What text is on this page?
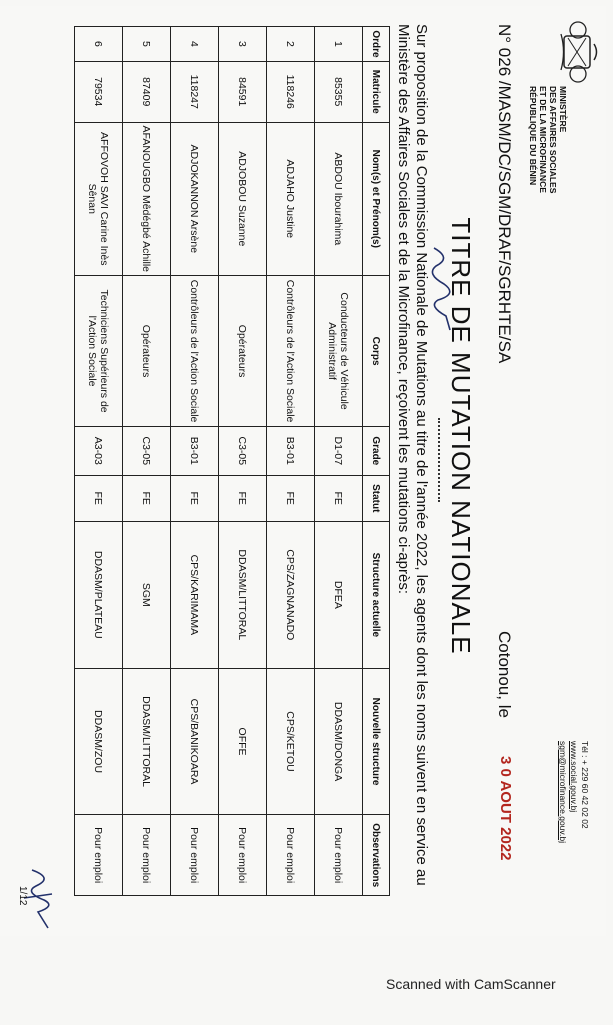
MINISTÈRE
DES AFFAIRES SOCIALES
ET DE LA MICROFINANCE
RÉPUBLIQUE DU BÉNIN
Tél : + 229 60 42 02 02
www.social.gouv.bj
sgm@microfinance.gouv.bj
N° 026 /MASM/DC/SGM/DRAF/SGRHTE/SA
Cotonou, le
3 0 AOUT 2022
TITRE DE MUTATION NATIONALE
Sur proposition de la Commission Nationale de Mutations au titre de l'année 2022, les agents dont les noms suivent en service au Ministère des Affaires Sociales et de la Microfinance, reçoivent les mutations ci-après:
Ordre	Matricule	Nom(s) et Prénom(s)	Corps	Grade	Statut	Structure actuelle	Nouvelle structure	Observations
1	85355	ABDOU Ibourahima	Conducteurs de Véhicule Administratif	D1-07	FE	DFEA	DDASM/DONGA	Pour emploi
2	118246	ADJAHO Justine	Contrôleurs de l'Action Sociale	B3-01	FE	CPS/ZAGNANADO	CPS/KETOU	Pour emploi
3	84591	ADJOBOU Suzanne	Opérateurs	C3-05	FE	DDASM/LITTORAL	OFFE	Pour emploi
4	118247	ADJOKANNON Arsène	Contrôleurs de l'Action Sociale	B3-01	FE	CPS/KARIMAMA	CPS/BANIKOARA	Pour emploi
5	87409	AFANOUGBO Mêdégbé Achille	Opérateurs	C3-05	FE	SGM	DDASM/LITTORAL	Pour emploi
6	79534	AFFOVOH SAVI Carine Inès Sênan	Techniciens Supérieurs de l'Action Sociale	A3-03	FE	DDASM/PLATEAU	DDASM/ZOU	Pour emploi
1/12
Scanned with CamScanner
